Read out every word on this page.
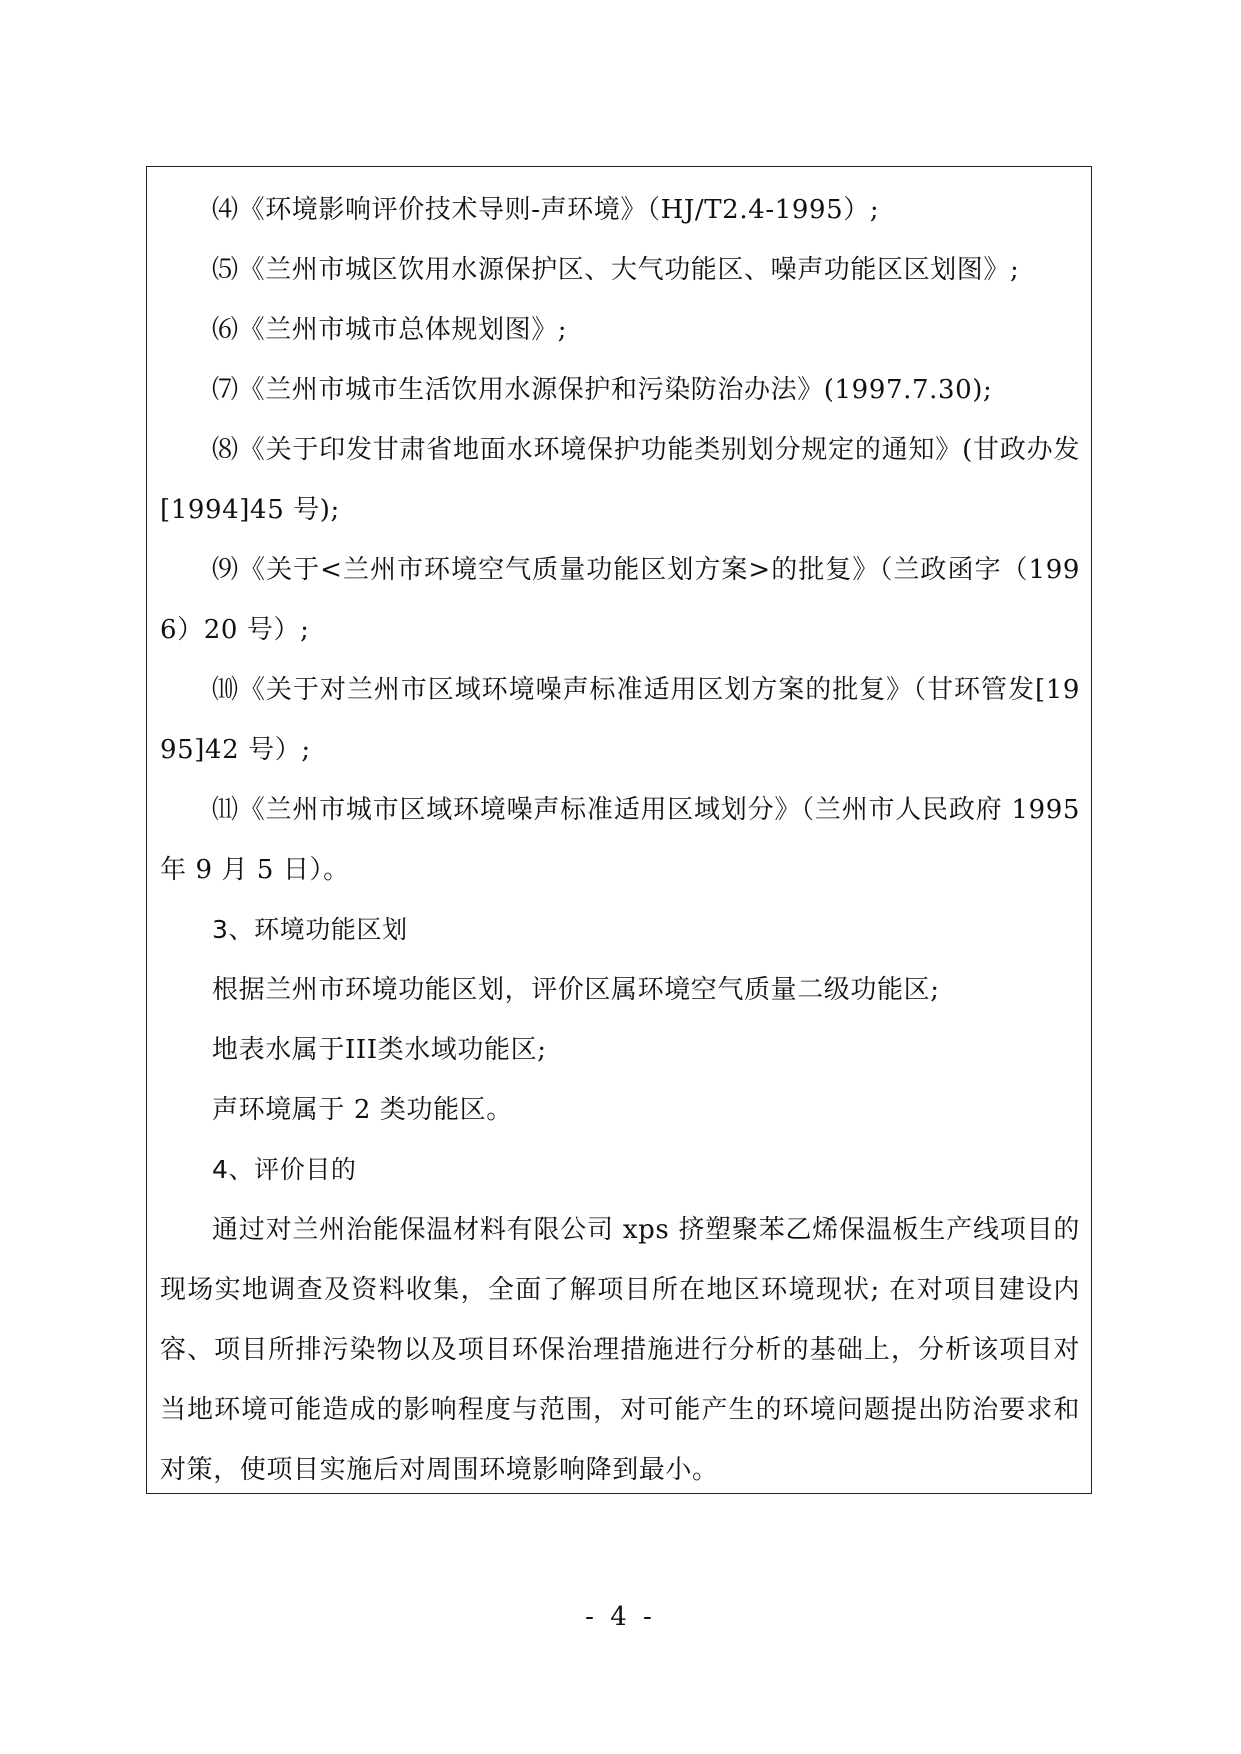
⑷《环境影响评价技术导则-声环境》（HJ/T2.4-1995）;

⑸《兰州市城区饮用水源保护区、大气功能区、噪声功能区区划图》;

⑹《兰州市城市总体规划图》;

⑺《兰州市城市生活饮用水源保护和污染防治办法》(1997.7.30);

⑻《关于印发甘肃省地面水环境保护功能类别划分规定的通知》(甘政办发[1994]45 号);

⑼《关于<兰州市环境空气质量功能区划方案>的批复》（兰政函字（1996）20 号）;

⑽《关于对兰州市区域环境噪声标准适用区划方案的批复》（甘环管发[1995]42 号）;

⑾《兰州市城市区域环境噪声标准适用区域划分》（兰州市人民政府 1995 年 9 月 5 日）。

3、环境功能区划

根据兰州市环境功能区划，评价区属环境空气质量二级功能区;

地表水属于III类水域功能区;

声环境属于 2 类功能区。

4、评价目的

通过对兰州治能保温材料有限公司 xps 挤塑聚苯乙烯保温板生产线项目的现场实地调查及资料收集，全面了解项目所在地区环境现状; 在对项目建设内容、项目所排污染物以及项目环保治理措施进行分析的基础上，分析该项目对当地环境可能造成的影响程度与范围，对可能产生的环境问题提出防治要求和对策，使项目实施后对周围环境影响降到最小。

- 4 -
